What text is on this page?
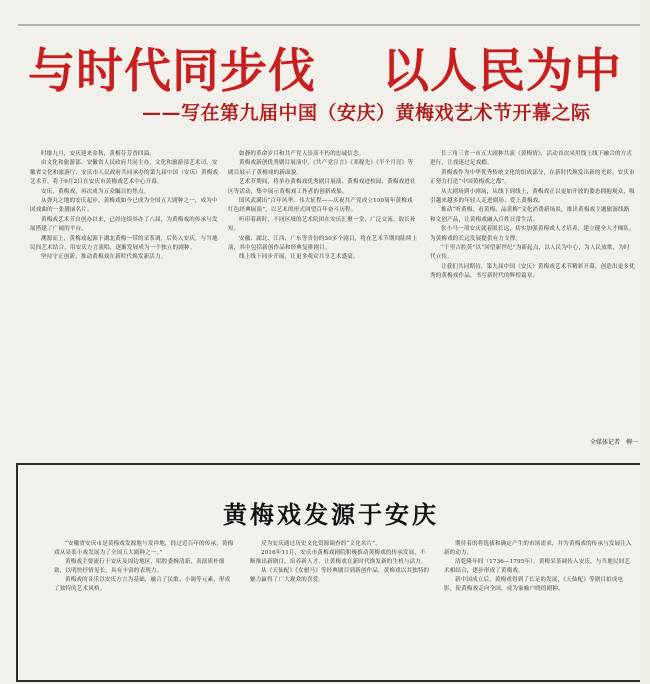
与时代同步伐 以人民为中
——写在第九届中国（安庆）黄梅戏艺术节开幕之际

时维九月，安庆迎来金秋，黄梅芬芳香四溢。

由文化和旅游部、安徽省人民政府共同主办，文化和旅游部艺术司、安徽省文化和旅游厅、安庆市人民政府共同承办的第九届中国（安庆）黄梅戏艺术节，将于9月2日在安庆市黄梅戏艺术中心开幕。

安庆，黄梅戏，再次成为万众瞩目的焦点。

从弹丸之地的安庆起步，黄梅戏如今已成为全国五大剧种之一，成为中国戏曲的一张靓丽名片。

黄梅戏艺术节自创办以来，已经连续举办了八届，为黄梅戏的传承与发展搭建了广阔的平台。

溯源而上，黄梅戏起源于湖北黄梅一带的采茶调，后传入安庆，与当地民间艺术结合，用安庆方言演唱，逐渐发展成为一个独立的剧种。

坚持守正创新，推动黄梅戏在新时代焕发新活力。

如静的革命岁月和共产党人崇高不朽的忠诚信念。

黄梅戏新创优秀剧目展演中，《共产党宣言》《邓稼先》《半个月亮》等剧目展示了黄梅戏的新面貌。

艺术节期间，将举办黄梅戏优秀剧目展演、黄梅戏进校园、黄梅戏进社区等活动，集中展示黄梅戏工作者的创新成果。

国风武满出“百年风华、伟大征程——庆祝共产党成立100周年黄梅戏红色经典展演”，以艺术的形式回望百年奋斗历程。

听印着新时，不同区域的艺术院团在安庆汇聚一堂，广泛交流、取长补短。

安徽、湖北、江西、广东等省份的30多个剧目，将在艺术节期间陆续上演，其中包括新创作品和经典复排剧目。

线上线下同步开展，让更多观众共享艺术盛宴。

长三角三省一市五大剧种共演《黄梅情》，活动首次采用线上线下融合的方式进行，让戏迷过足戏瘾。

黄梅戏作为中华优秀传统文化的组成部分，在新时代焕发出新的光彩。安庆市正努力打造“中国黄梅戏之都”。

从大剧场到小剧场，从线下到线上，黄梅戏正以更加开放的姿态拥抱观众，吸引越来越多的年轻人走进剧场、爱上黄梅戏。

推动“听黄梅、看黄梅、品黄梅”文化消费新场景，推出黄梅戏主题旅游线路和文创产品，让黄梅戏融入百姓日常生活。

张小马一项安庆就着眼长远，切实加强黄梅戏人才培养，建立健全人才梯队，为黄梅戏的长远发展提供有力支撑。

“千里古腔黄”以“回望新世纪”为新起点，以人民为中心，为人民放歌，为时代立传。

让我们共同期待，第九届中国（安庆）黄梅戏艺术节精彩开幕，创造出更多优秀的黄梅戏作品，书写新时代的辉煌篇章。

全媒体记者　柳一
黄梅戏发源于安庆

“安徽省安庆市是黄梅戏发源地与发祥地，经过近百年的传承，黄梅戏从采茶小戏发展为了全国五大剧种之一。”

黄梅戏主要流行于安庆及周边地区，唱腔委婉清新，表演质朴细致，以明快抒情见长，具有丰富的表现力。

黄梅戏的音乐以安庆方言为基础，融合了民歌、小调等元素，形成了独特的艺术风格。

反为安庆通过历史文化资源调查的“文化名片”。

2016年11月，安庆市黄梅戏剧院积极推动黄梅戏的传承发展，不断推出新剧目，培养新人才，让黄梅戏在新时代焕发新的生机与活力。

从《天仙配》《女驸马》等经典剧目到新创作品，黄梅戏以其独特的魅力赢得了广大观众的喜爱。

期待着的将选拔和确定产生的市场需求，并为黄梅戏的传承与发展注入新的动力。

清乾隆年间（1736—1795年），黄梅采茶调传入安庆，与当地民间艺术相结合，逐步形成了黄梅戏。

新中国成立后，黄梅戏得到了长足的发展，《天仙配》等剧目拍成电影，使黄梅戏走向全国，成为家喻户晓的剧种。
